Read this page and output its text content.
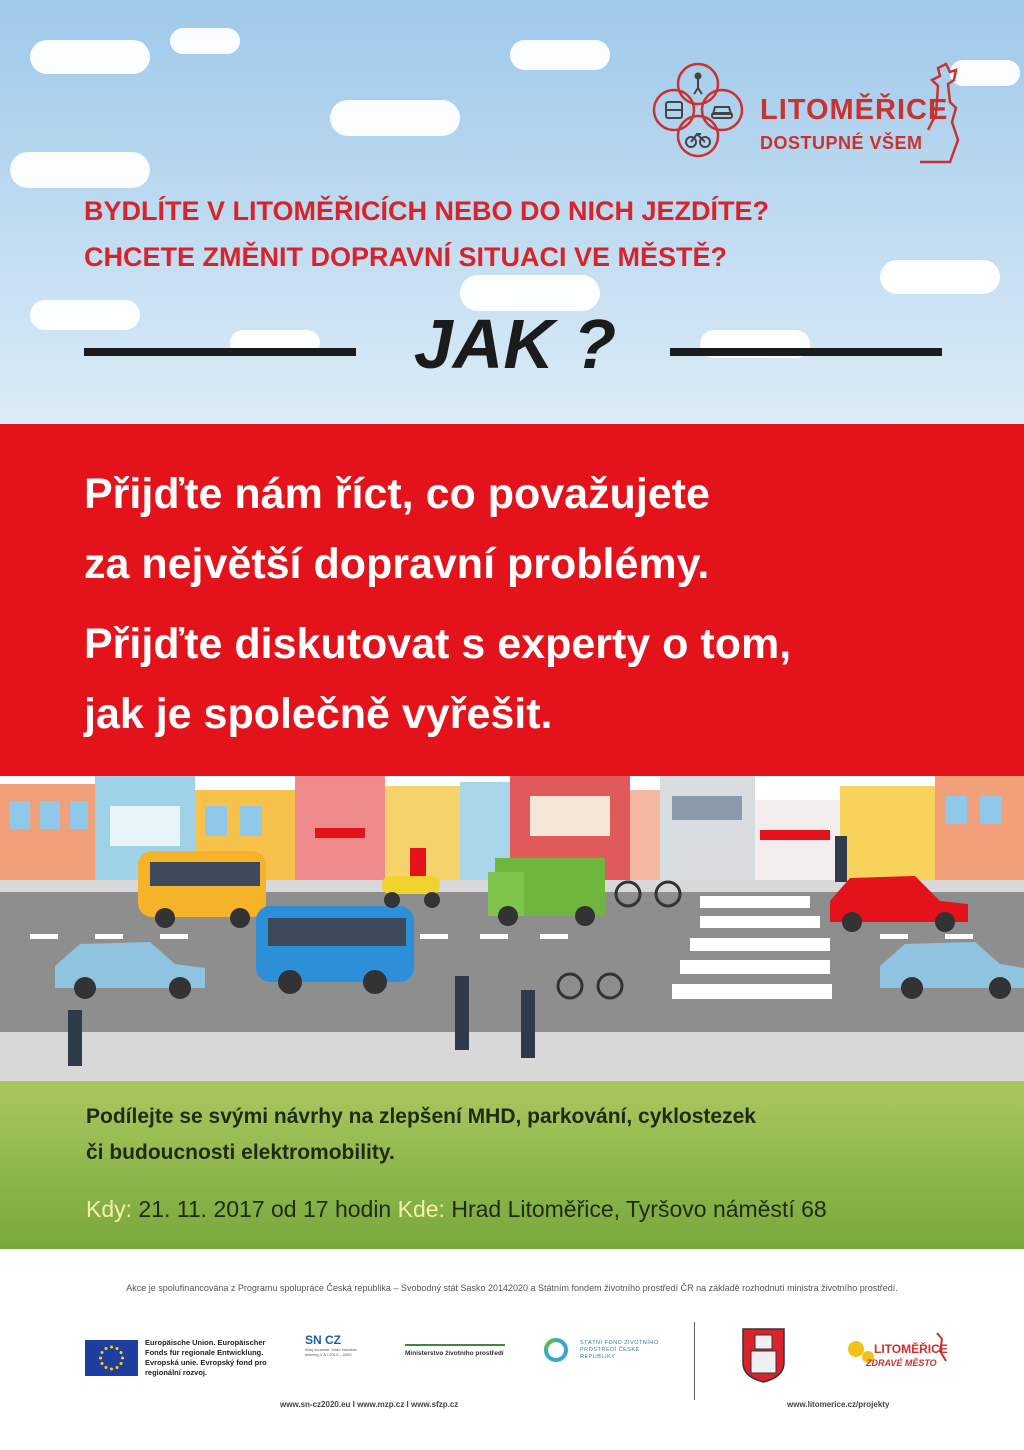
LITOMĚŘICE
DOSTUPNÉ VŠEM
BYDLÍTE V LITOMĚŘICÍCH NEBO DO NICH JEZDÍTE?
CHCETE ZMĚNIT DOPRAVNÍ SITUACI VE MĚSTĚ?
JAK ?
Přijďte nám říct, co považujete
za největší dopravní problémy.
Přijďte diskutovat s experty o tom,
jak je společně vyřešit.
Podílejte se svými návrhy na zlepšení MHD, parkování, cyklostezek
či budoucnosti elektromobility.
Kdy: 21. 11. 2017 od 17 hodin Kde: Hrad Litoměřice, Tyršovo náměstí 68
Akce je spolufinancována z Programu spolupráce Česká republika – Svobodný stát Sasko 20142020 a Státním fondem životního prostředí ČR na základě rozhodnutí ministra životního prostředí.
Europäische Union. Europäischer Fonds für regionale Entwicklung. Evropská unie. Evropský fond pro regionální rozvoj.
SN CZ
Ahoj sousede. Hallo Nachbar. Interreg V A / 2014 – 2020	Ministerstvo životního prostředí
STÁTNÍ FOND ŽIVOTNÍHO PROSTŘEDÍ ČESKÉ REPUBLIKY
LITOMĚŘICE
ZDRAVÉ MĚSTO
www.sn-cz2020.eu I www.mzp.cz I www.sfzp.cz	www.litomerice.cz/projekty
